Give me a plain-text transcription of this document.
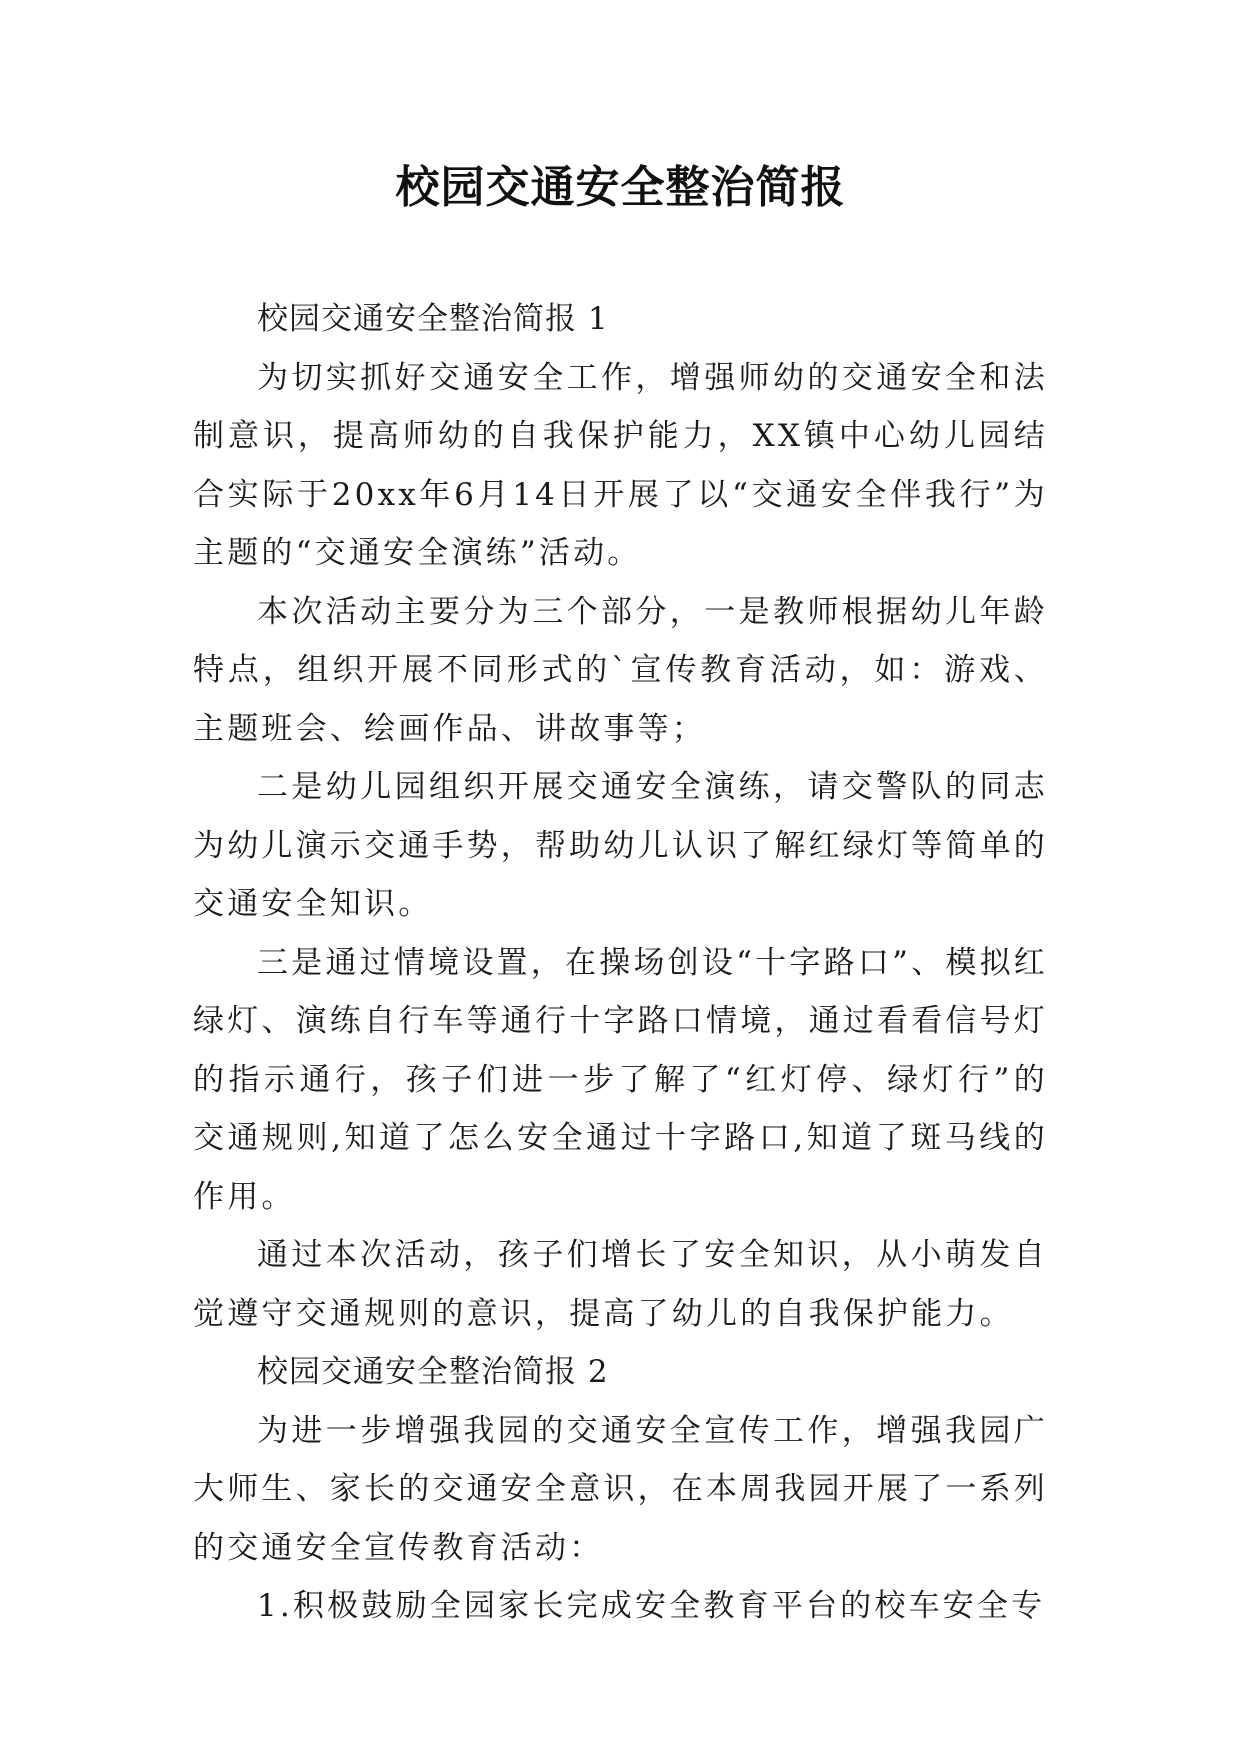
校园交通安全整治简报

校园交通安全整治简报 1

为切实抓好交通安全工作，增强师幼的交通安全和法制意识，提高师幼的自我保护能力，XX镇中心幼儿园结合实际于20xx年6月14日开展了以“交通安全伴我行”为主题的“交通安全演练”活动。

本次活动主要分为三个部分，一是教师根据幼儿年龄特点，组织开展不同形式的`宣传教育活动，如：游戏、主题班会、绘画作品、讲故事等；

二是幼儿园组织开展交通安全演练，请交警队的同志为幼儿演示交通手势，帮助幼儿认识了解红绿灯等简单的交通安全知识。

三是通过情境设置，在操场创设“十字路口”、模拟红绿灯、演练自行车等通行十字路口情境，通过看看信号灯的指示通行，孩子们进一步了解了“红灯停、绿灯行”的交通规则,知道了怎么安全通过十字路口,知道了斑马线的作用。

通过本次活动，孩子们增长了安全知识，从小萌发自觉遵守交通规则的意识，提高了幼儿的自我保护能力。

校园交通安全整治简报 2

为进一步增强我园的交通安全宣传工作，增强我园广大师生、家长的交通安全意识，在本周我园开展了一系列的交通安全宣传教育活动：

1.积极鼓励全园家长完成安全教育平台的校车安全专
